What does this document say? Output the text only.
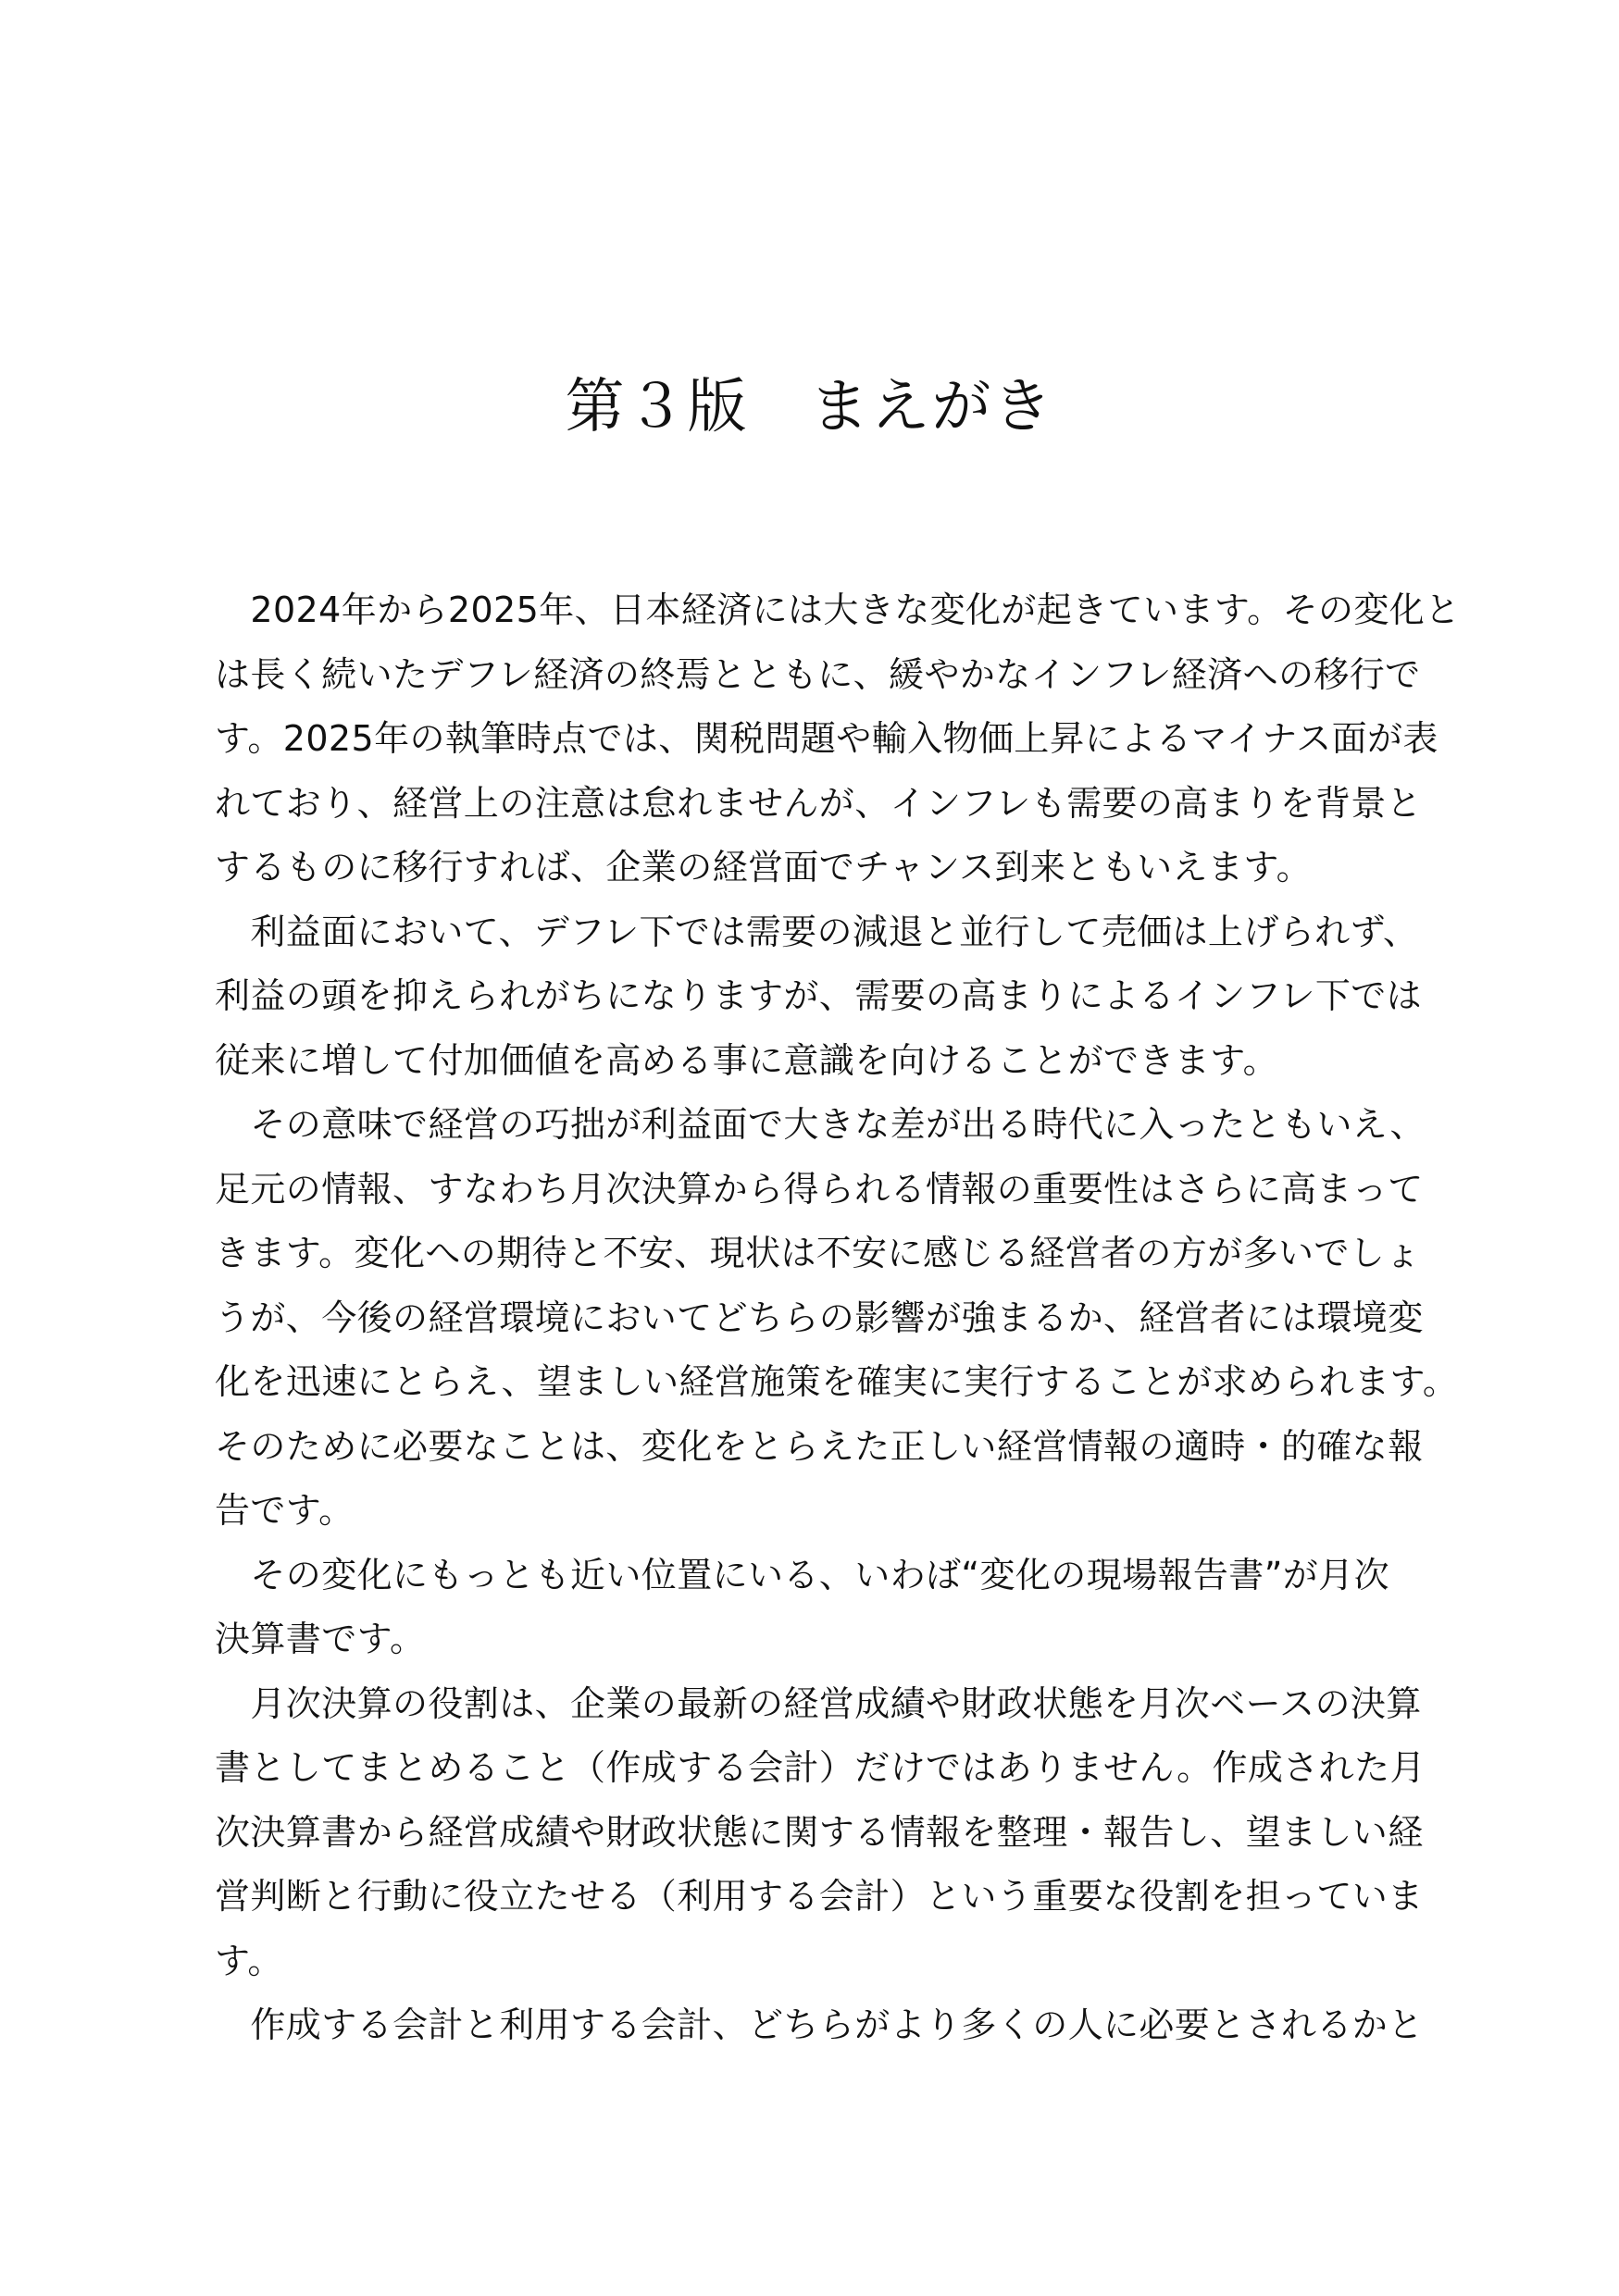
第３版　まえがき
　2024年から2025年、日本経済には大きな変化が起きています。その変化と
は長く続いたデフレ経済の終焉とともに、緩やかなインフレ経済への移行で
す。2025年の執筆時点では、関税問題や輸入物価上昇によるマイナス面が表
れており、経営上の注意は怠れませんが、インフレも需要の高まりを背景と
するものに移行すれば、企業の経営面でチャンス到来ともいえます。
　利益面において、デフレ下では需要の減退と並行して売価は上げられず、
利益の頭を抑えられがちになりますが、需要の高まりによるインフレ下では
従来に増して付加価値を高める事に意識を向けることができます。
　その意味で経営の巧拙が利益面で大きな差が出る時代に入ったともいえ、
足元の情報、すなわち月次決算から得られる情報の重要性はさらに高まって
きます。変化への期待と不安、現状は不安に感じる経営者の方が多いでしょ
うが、今後の経営環境においてどちらの影響が強まるか、経営者には環境変
化を迅速にとらえ、望ましい経営施策を確実に実行することが求められます。
そのために必要なことは、変化をとらえた正しい経営情報の適時・的確な報
告です。
　その変化にもっとも近い位置にいる、いわば“変化の現場報告書”が月次
決算書です。
　月次決算の役割は、企業の最新の経営成績や財政状態を月次ベースの決算
書としてまとめること（作成する会計）だけではありません。作成された月
次決算書から経営成績や財政状態に関する情報を整理・報告し、望ましい経
営判断と行動に役立たせる（利用する会計）という重要な役割を担っていま
す。
　作成する会計と利用する会計、どちらがより多くの人に必要とされるかと
